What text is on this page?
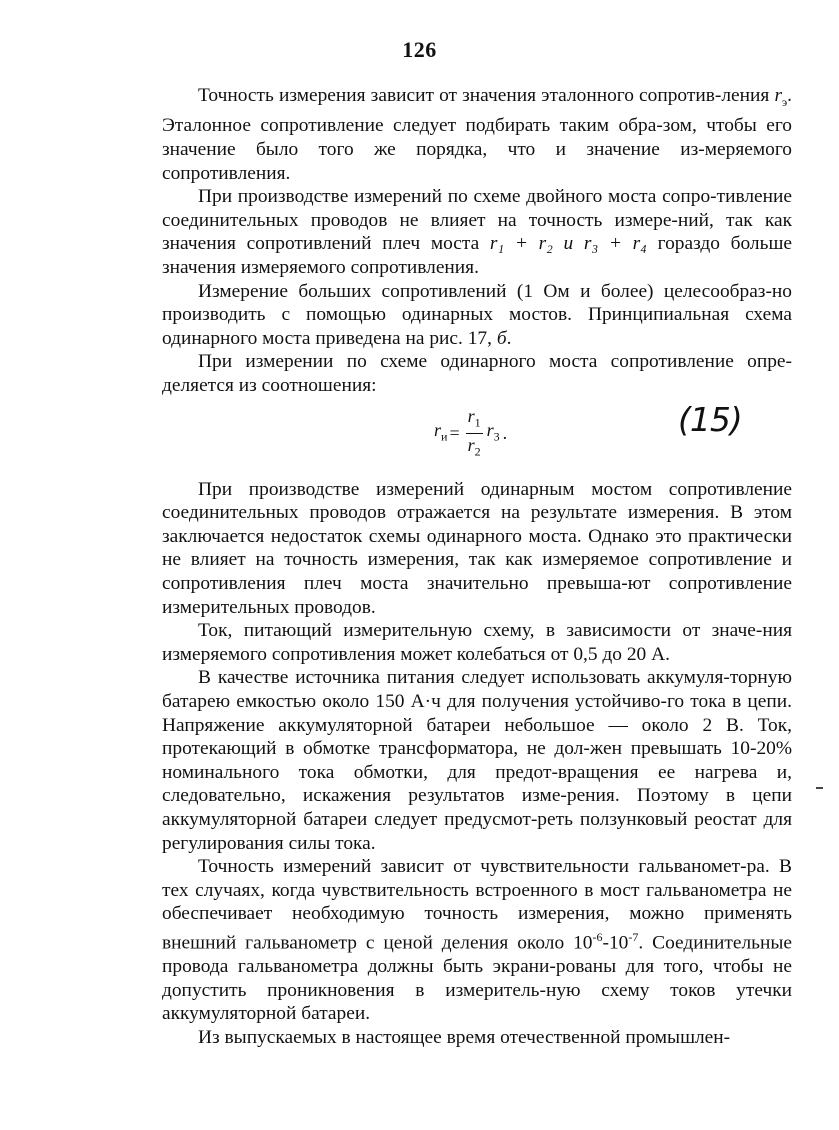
126

Точность измерения зависит от значения эталонного сопротив-ления $r_э$. Эталонное сопротивление следует подбирать таким обра-зом, чтобы его значение было того же порядка, что и значение из-меряемого сопротивления.

При производстве измерений по схеме двойного моста сопро-тивление соединительных проводов не влияет на точность измере-ний, так как значения сопротивлений плеч моста r₁ + r₂ и r₃ + r₄ гораздо больше значения измеряемого сопротивления.

Измерение больших сопротивлений (1 Ом и более) целесообраз-но производить с помощью одинарных мостов. Принципиальная схема одинарного моста приведена на рис. 17, б.

При измерении по схеме одинарного моста сопротивление опре-деляется из соотношения:

$r_и = \frac{r_1}{r_2} r_3$ .	(15)

При производстве измерений одинарным мостом сопротивление соединительных проводов отражается на результате измерения. В этом заключается недостаток схемы одинарного моста. Однако это практически не влияет на точность измерения, так как измеряемое сопротивление и сопротивления плеч моста значительно превыша-ют сопротивление измерительных проводов.

Ток, питающий измерительную схему, в зависимости от значе-ния измеряемого сопротивления может колебаться от 0,5 до 20 А.

В качестве источника питания следует использовать аккумуля-торную батарею емкостью около 150 А·ч для получения устойчиво-го тока в цепи. Напряжение аккумуляторной батареи небольшое — около 2 В. Ток, протекающий в обмотке трансформатора, не дол-жен превышать 10-20% номинального тока обмотки, для предот-вращения ее нагрева и, следовательно, искажения результатов изме-рения. Поэтому в цепи аккумуляторной батареи следует предусмот-реть ползунковый реостат для регулирования силы тока.

Точность измерений зависит от чувствительности гальваномет-ра. В тех случаях, когда чувствительность встроенного в мост гальванометра не обеспечивает необходимую точность измерения, можно применять внешний гальванометр с ценой деления около $10^{-6}-10^{-7}$. Соединительные провода гальванометра должны быть экрани-рованы для того, чтобы не допустить проникновения в измеритель-ную схему токов утечки аккумуляторной батареи.

Из выпускаемых в настоящее время отечественной промышлен-
